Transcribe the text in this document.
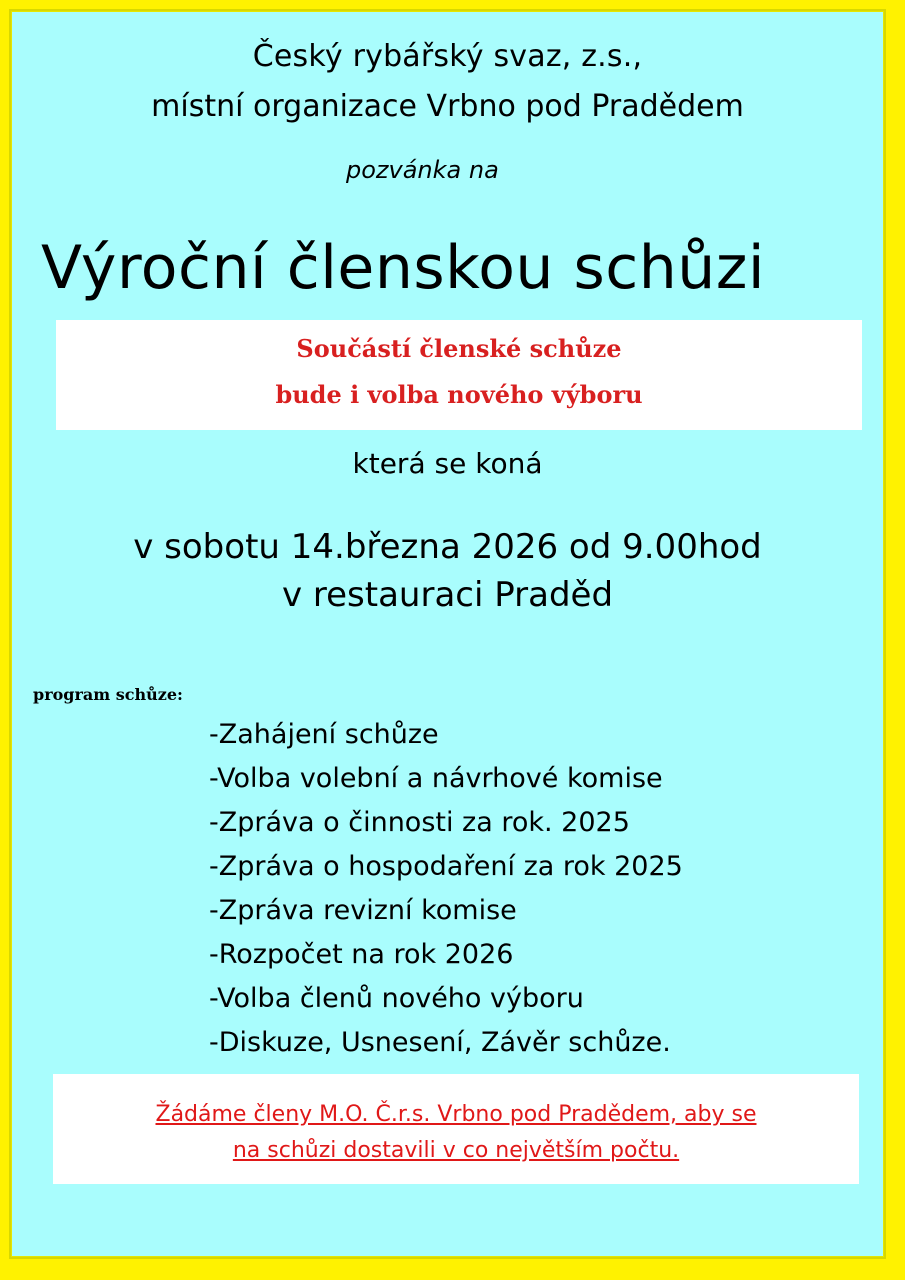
Český rybářský svaz, z.s.,
místní organizace Vrbno pod Pradědem
pozvánka na
Výroční členskou schůzi
Součástí členské schůze
bude i volba nového výboru
která se koná
v sobotu 14.března 2026 od 9.00hod
v restauraci Praděd
program schůze:
-Zahájení schůze
-Volba volební a návrhové komise
-Zpráva o činnosti za rok. 2025
-Zpráva o hospodaření za rok 2025
-Zpráva revizní komise
-Rozpočet na rok 2026
-Volba členů nového výboru
-Diskuze, Usnesení, Závěr schůze.
Žádáme členy M.O. Č.r.s. Vrbno pod Pradědem, aby se
na schůzi dostavili v co největším počtu.
